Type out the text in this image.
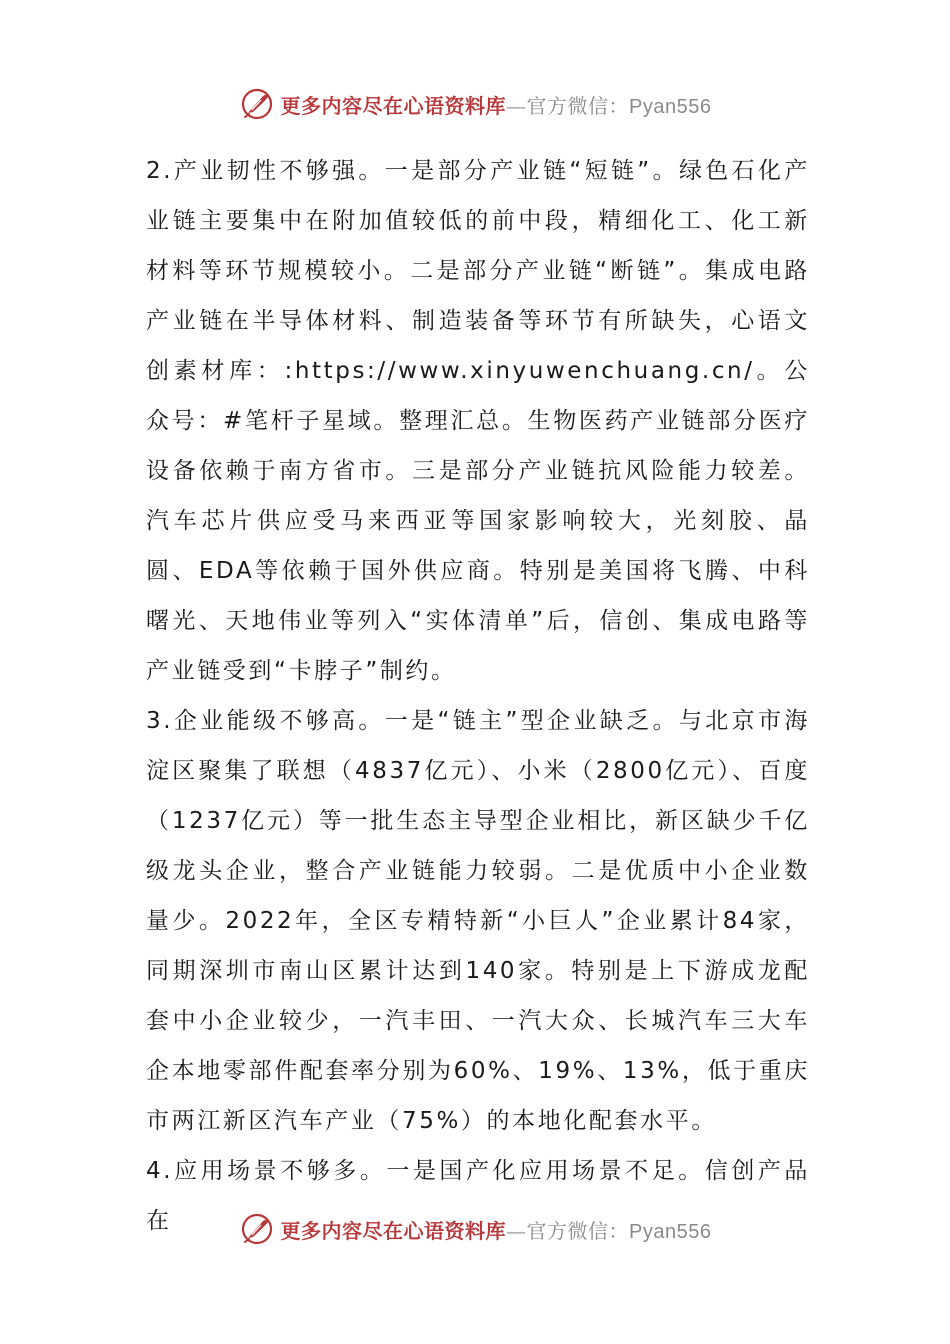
更多内容尽在心语资料库—官方微信：Pyan556

2.产业韧性不够强。一是部分产业链“短链”。绿色石化产业链主要集中在附加值较低的前中段，精细化工、化工新材料等环节规模较小。二是部分产业链“断链”。集成电路产业链在半导体材料、制造装备等环节有所缺失，心语文创素材库：:https://www.xinyuwenchuang.cn/。公众号：#笔杆子星域。整理汇总。生物医药产业链部分医疗设备依赖于南方省市。三是部分产业链抗风险能力较差。汽车芯片供应受马来西亚等国家影响较大，光刻胶、晶圆、EDA等依赖于国外供应商。特别是美国将飞腾、中科曙光、天地伟业等列入“实体清单”后，信创、集成电路等产业链受到“卡脖子”制约。

3.企业能级不够高。一是“链主”型企业缺乏。与北京市海淀区聚集了联想（4837亿元）、小米（2800亿元）、百度（1237亿元）等一批生态主导型企业相比，新区缺少千亿级龙头企业，整合产业链能力较弱。二是优质中小企业数量少。2022年，全区专精特新“小巨人”企业累计84家，同期深圳市南山区累计达到140家。特别是上下游成龙配套中小企业较少，一汽丰田、一汽大众、长城汽车三大车企本地零部件配套率分别为60%、19%、13%，低于重庆市两江新区汽车产业（75%）的本地化配套水平。

4.应用场景不够多。一是国产化应用场景不足。信创产品在	更多内容尽在心语资料库—官方微信：Pyan556
